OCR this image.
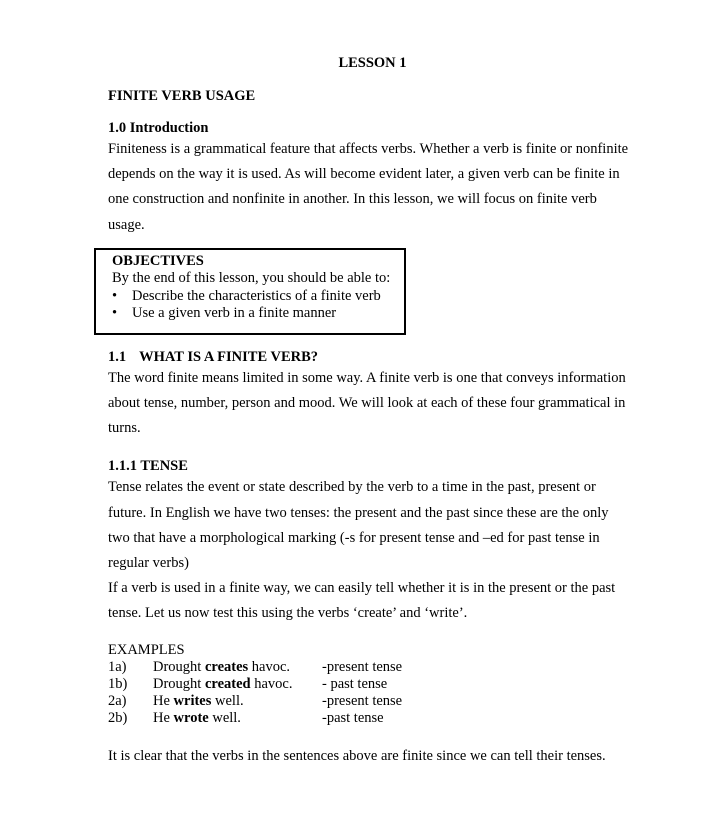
LESSON 1
FINITE VERB USAGE
1.0 Introduction
Finiteness is a grammatical feature that affects verbs. Whether a verb is finite or nonfinite
depends on the way it is used. As will become evident later, a given verb can be finite in
one construction and nonfinite in another. In this lesson, we will focus on finite verb
usage.
OBJECTIVES
By the end of this lesson, you should be able to:
•	Describe the characteristics of a finite verb
•	Use a given verb in a finite manner
1.1 WHAT IS A FINITE VERB?
The word finite means limited in some way. A finite verb is one that conveys information
about tense, number, person and mood. We will look at each of these four grammatical in
turns.
1.1.1 TENSE
Tense relates the event or state described by the verb to a time in the past, present or
future. In English we have two tenses: the present and the past since these are the only
two that have a morphological marking (-s for present tense and –ed for past tense in
regular verbs)
If a verb is used in a finite way, we can easily tell whether it is in the present or the past
tense. Let us now test this using the verbs ‘create’ and ‘write’.
EXAMPLES
1a)	Drought creates havoc.	-present tense
1b)	Drought created havoc.	- past tense
2a)	He writes well.	-present tense
2b)	He wrote well.	-past tense
It is clear that the verbs in the sentences above are finite since we can tell their tenses.
